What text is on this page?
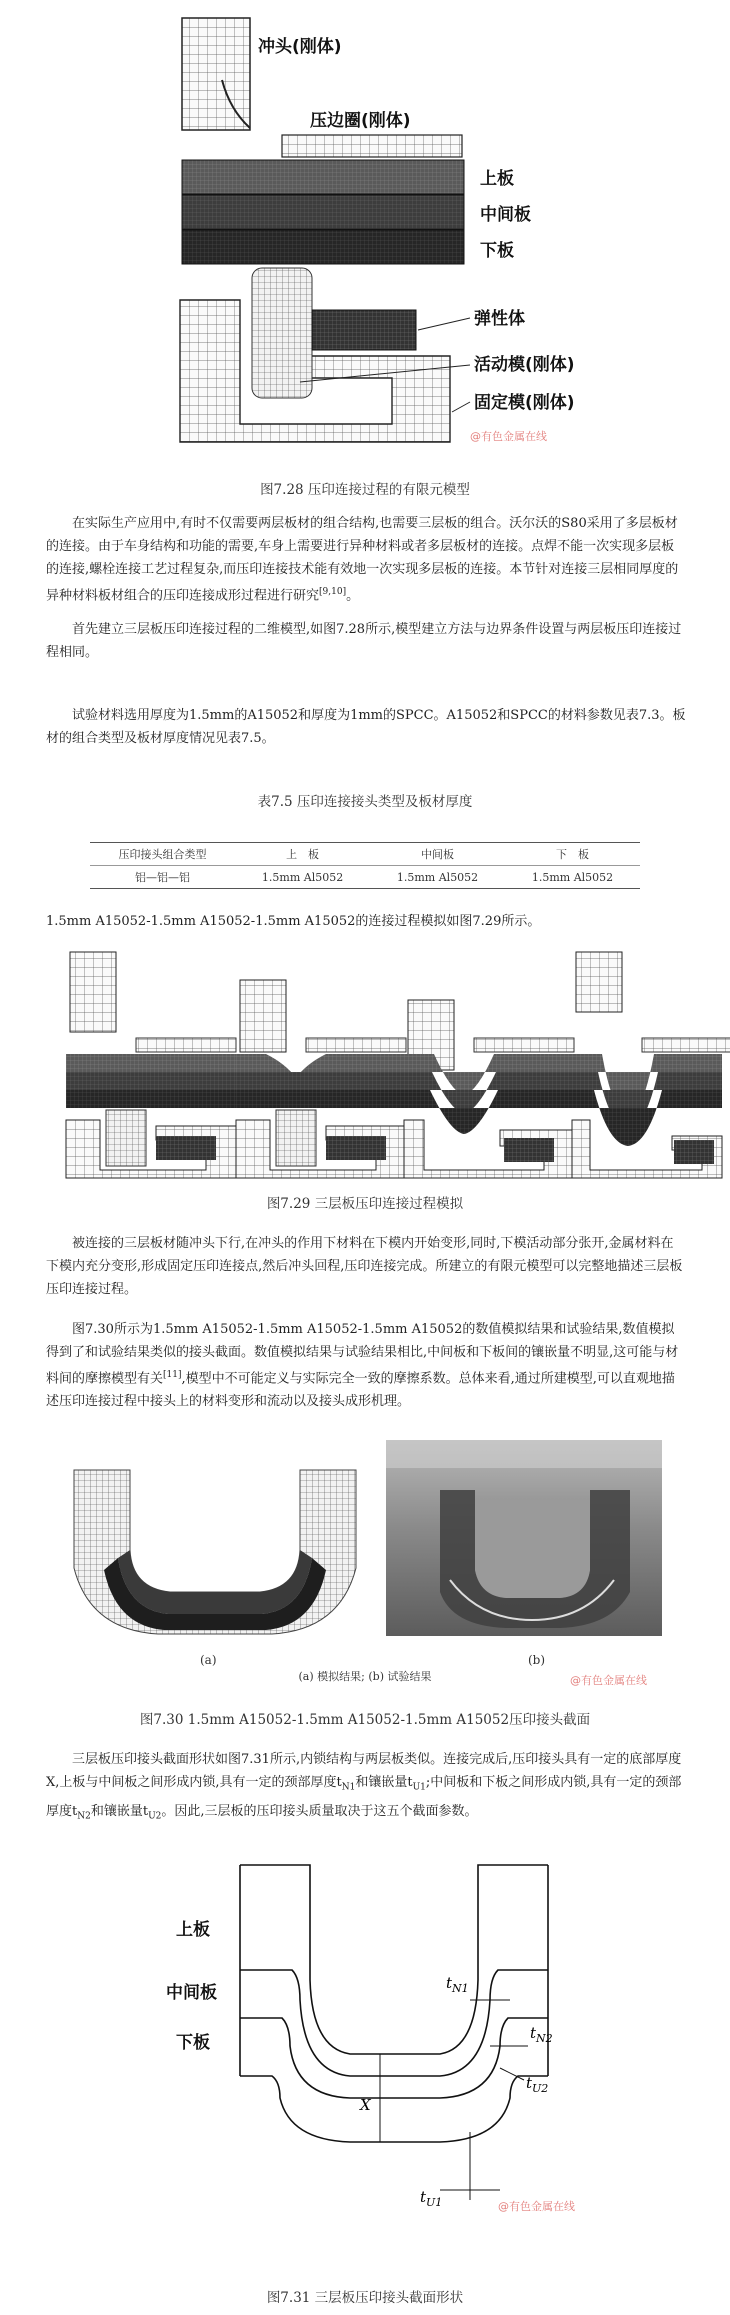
冲头(刚体)
压边圈(刚体)
上板
中间板
下板
弹性体
活动模(刚体)
固定模(刚体)
@有色金属在线
图7.28 压印连接过程的有限元模型

在实际生产应用中,有时不仅需要两层板材的组合结构,也需要三层板的组合。沃尔沃的S80采用了多层板材的连接。由于车身结构和功能的需要,车身上需要进行异种材料或者多层板材的连接。点焊不能一次实现多层板的连接,螺栓连接工艺过程复杂,而压印连接技术能有效地一次实现多层板的连接。本节针对连接三层相同厚度的异种材料板材组合的压印连接成形过程进行研究[9,10]。

首先建立三层板压印连接过程的二维模型,如图7.28所示,模型建立方法与边界条件设置与两层板压印连接过程相同。

试验材料选用厚度为1.5mm的A15052和厚度为1mm的SPCC。A15052和SPCC的材料参数见表7.3。板材的组合类型及板材厚度情况见表7.5。

表7.5 压印连接接头类型及板材厚度
压印接头组合类型	上　板	中间板	下　板
铝—铝—铝	1.5mm Al5052	1.5mm Al5052	1.5mm Al5052

1.5mm A15052-1.5mm A15052-1.5mm A15052的连接过程模拟如图7.29所示。

图7.29 三层板压印连接过程模拟

被连接的三层板材随冲头下行,在冲头的作用下材料在下模内开始变形,同时,下模活动部分张开,金属材料在下模内充分变形,形成固定压印连接点,然后冲头回程,压印连接完成。所建立的有限元模型可以完整地描述三层板压印连接过程。

图7.30所示为1.5mm A15052-1.5mm A15052-1.5mm A15052的数值模拟结果和试验结果,数值模拟得到了和试验结果类似的接头截面。数值模拟结果与试验结果相比,中间板和下板间的镶嵌量不明显,这可能与材料间的摩擦模型有关[11],模型中不可能定义与实际完全一致的摩擦系数。总体来看,通过所建模型,可以直观地描述压印连接过程中接头上的材料变形和流动以及接头成形机理。

(a)	(b)
(a) 模拟结果; (b) 试验结果	@有色金属在线
图7.30 1.5mm A15052-1.5mm A15052-1.5mm A15052压印接头截面

三层板压印接头截面形状如图7.31所示,内锁结构与两层板类似。连接完成后,压印接头具有一定的底部厚度X,上板与中间板之间形成内锁,具有一定的颈部厚度$t_{N1}$和镶嵌量$t_{U1}$;中间板和下板之间形成内锁,具有一定的颈部厚度$t_{N2}$和镶嵌量$t_{U2}$。因此,三层板的压印接头质量取决于这五个截面参数。

上板
中间板
下板
X
$t_{N1}$
$t_{N2}$
$t_{U2}$
$t_{U1}$	@有色金属在线
图7.31 三层板压印接头截面形状
